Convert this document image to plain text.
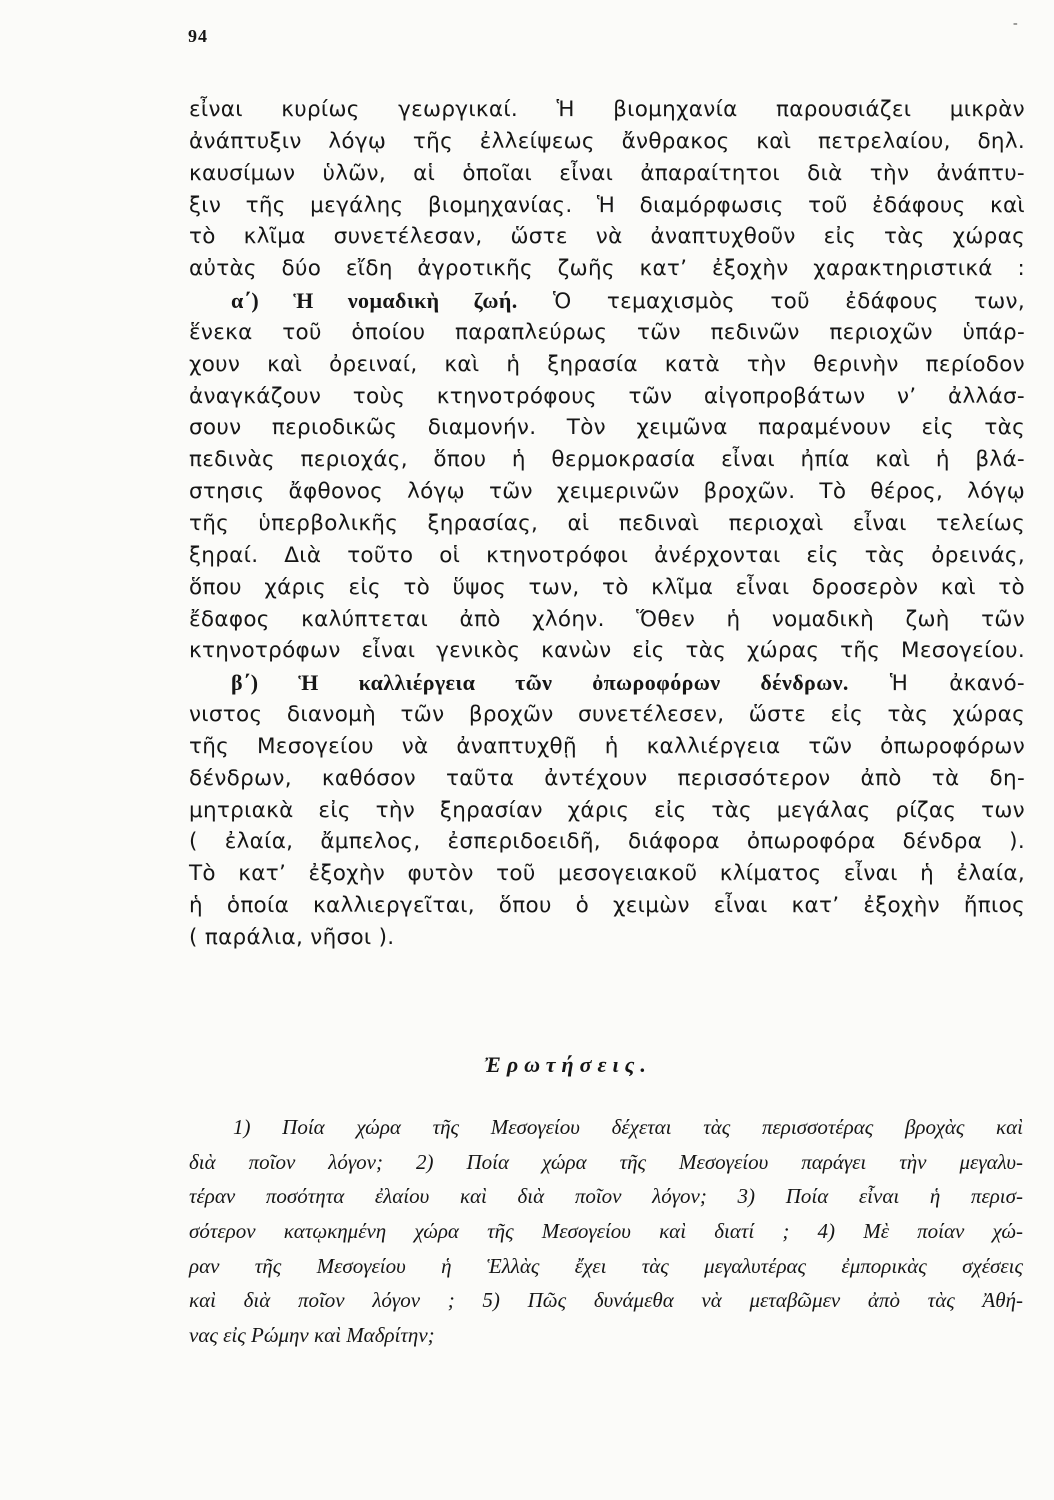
94
-
εἶναι κυρίως γεωργικαί. Ἡ βιομηχανία παρουσιάζει μικρὰν
ἀνάπτυξιν λόγῳ τῆς ἐλλείψεως ἄνθρακος καὶ πετρελαίου, δηλ.
καυσίμων ὑλῶν, αἱ ὁποῖαι εἶναι ἀπαραίτητοι διὰ τὴν ἀνάπτυ-
ξιν τῆς μεγάλης βιομηχανίας. Ἡ διαμόρφωσις τοῦ ἐδάφους καὶ
τὸ κλῖμα συνετέλεσαν, ὥστε νὰ ἀναπτυχθοῦν εἰς τὰς χώρας
αὐτὰς δύο εἴδη ἀγροτικῆς ζωῆς κατ’ ἐξοχὴν χαρακτηριστικά :
α΄) Ἡ νομαδικὴ ζωή. Ὁ τεμαχισμὸς τοῦ ἐδάφους των,
ἕνεκα τοῦ ὁποίου παραπλεύρως τῶν πεδινῶν περιοχῶν ὑπάρ-
χουν καὶ ὀρειναί, καὶ ἡ ξηρασία κατὰ τὴν θερινὴν περίοδον
ἀναγκάζουν τοὺς κτηνοτρόφους τῶν αἰγοπροβάτων ν’ ἀλλάσ-
σουν περιοδικῶς διαμονήν. Τὸν χειμῶνα παραμένουν εἰς τὰς
πεδινὰς περιοχάς, ὅπου ἡ θερμοκρασία εἶναι ἠπία καὶ ἡ βλά-
στησις ἄφθονος λόγῳ τῶν χειμερινῶν βροχῶν. Τὸ θέρος, λόγῳ
τῆς ὑπερβολικῆς ξηρασίας, αἱ πεδιναὶ περιοχαὶ εἶναι τελείως
ξηραί. Διὰ τοῦτο οἱ κτηνοτρόφοι ἀνέρχονται εἰς τὰς ὀρεινάς,
ὅπου χάρις εἰς τὸ ὕψος των, τὸ κλῖμα εἶναι δροσερὸν καὶ τὸ
ἔδαφος καλύπτεται ἀπὸ χλόην. Ὅθεν ἡ νομαδικὴ ζωὴ τῶν
κτηνοτρόφων εἶναι γενικὸς κανὼν εἰς τὰς χώρας τῆς Μεσογείου.
β΄) Ἡ καλλιέργεια τῶν ὀπωροφόρων δένδρων. Ἡ ἀκανό-
νιστος διανομὴ τῶν βροχῶν συνετέλεσεν, ὥστε εἰς τὰς χώρας
τῆς Μεσογείου νὰ ἀναπτυχθῇ ἡ καλλιέργεια τῶν ὀπωροφόρων
δένδρων, καθόσον ταῦτα ἀντέχουν περισσότερον ἀπὸ τὰ δη-
μητριακὰ εἰς τὴν ξηρασίαν χάρις εἰς τὰς μεγάλας ρίζας των
( ἐλαία, ἄμπελος, ἐσπεριδοειδῆ, διάφορα ὀπωροφόρα δένδρα ).
Τὸ κατ’ ἐξοχὴν φυτὸν τοῦ μεσογειακοῦ κλίματος εἶναι ἡ ἐλαία,
ἡ ὁποία καλλιεργεῖται, ὅπου ὁ χειμὼν εἶναι κατ’ ἐξοχὴν ἤπιος
( παράλια, νῆσοι ).
Ἐρωτήσεις.
1) Ποία χώρα τῆς Μεσογείου δέχεται τὰς περισσοτέρας βροχὰς καὶ
διὰ ποῖον λόγον; 2) Ποία χώρα τῆς Μεσογείου παράγει τὴν μεγαλυ-
τέραν ποσότητα ἐλαίου καὶ διὰ ποῖον λόγον; 3) Ποία εἶναι ἡ περισ-
σότερον κατῳκημένη χώρα τῆς Μεσογείου καὶ διατί ; 4) Μὲ ποίαν χώ-
ραν τῆς Μεσογείου ἡ Ἑλλὰς ἔχει τὰς μεγαλυτέρας ἐμπορικὰς σχέσεις
καὶ διὰ ποῖον λόγον ; 5) Πῶς δυνάμεθα νὰ μεταβῶμεν ἀπὸ τὰς Ἀθή-
νας εἰς Ρώμην καὶ Μαδρίτην;
